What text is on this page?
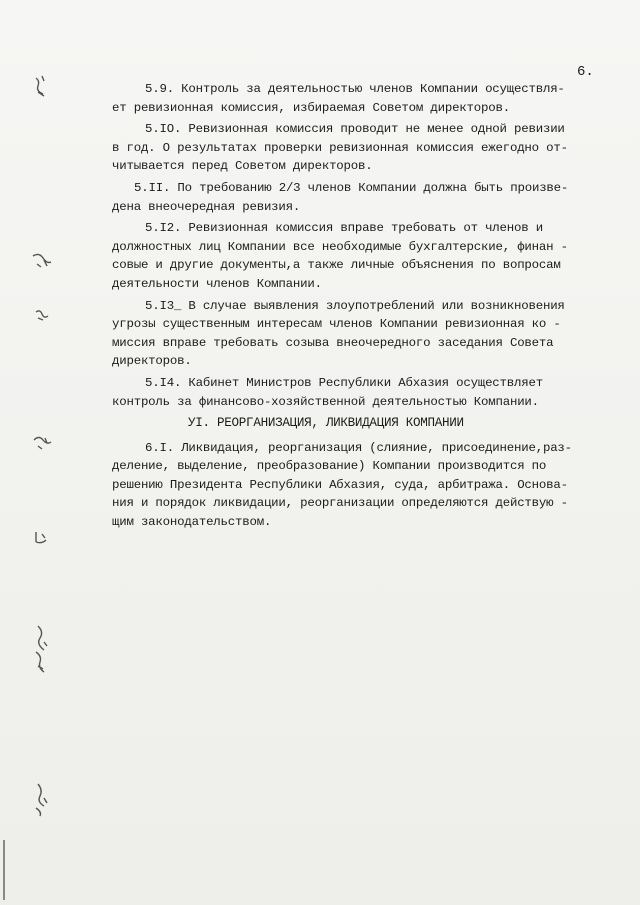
6.
5.9. Контроль за деятельностью членов Компании осуществля-
ет ревизионная комиссия, избираемая Советом директоров.
5.IO. Ревизионная комиссия проводит не менее одной ревизии
в год. О результатах проверки ревизионная комиссия ежегодно от-
читывается перед Советом директоров.
5.II. По требованию 2/3 членов Компании должна быть произве-
дена внеочередная ревизия.
5.I2. Ревизионная комиссия вправе требовать от членов и
должностных лиц Компании все необходимые бухгалтерские, финан -
совые и другие документы,а также личные объяснения по вопросам
деятельности членов Компании.
5.I3_ В случае выявления злоупотреблений или возникновения
угрозы существенным интересам членов Компании ревизионная ко -
миссия вправе требовать созыва внеочередного заседания Совета
директоров.
5.I4. Кабинет Министров Республики Абхазия осуществляет
контроль за финансово-хозяйственной деятельностью Компании.
УI. РЕОРГАНИЗАЦИЯ, ЛИКВИДАЦИЯ КОМПАНИИ
6.I. Ликвидация, реорганизация (слияние, присоединение,раз-
деление, выделение, преобразование) Компании производится по
решению Президента Республики Абхазия, суда, арбитража. Основа-
ния и порядок ликвидации, реорганизации определяются действую -
щим законодательством.
